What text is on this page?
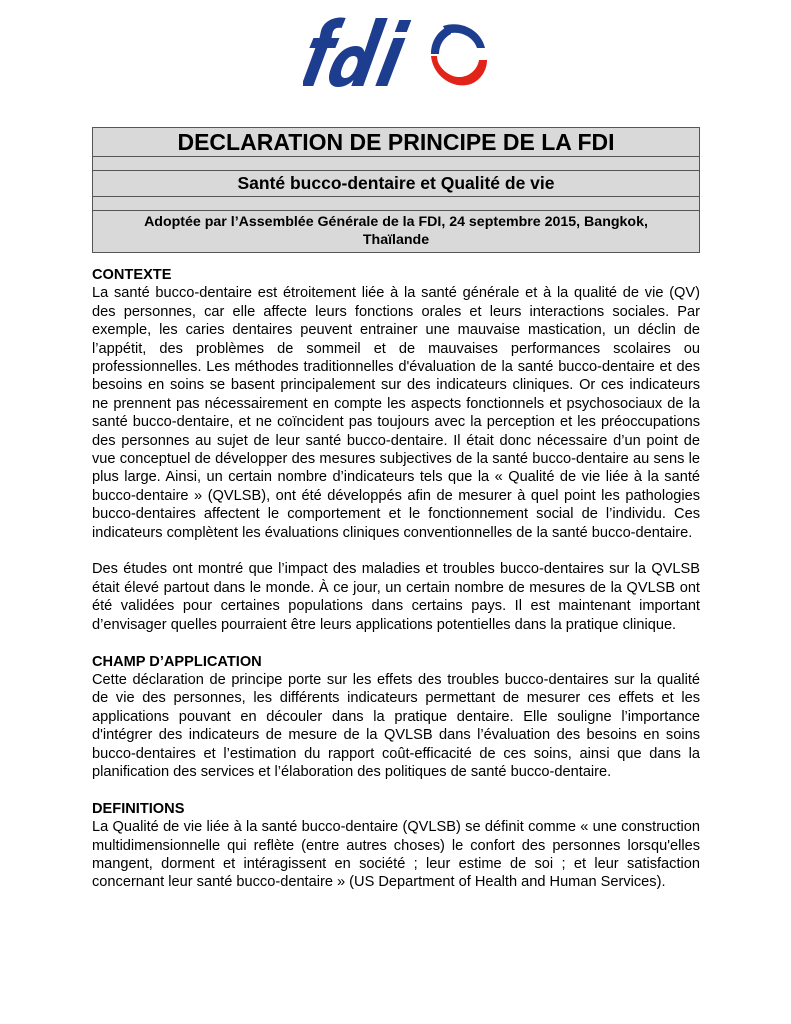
DECLARATION DE PRINCIPE DE LA FDI
Santé bucco-dentaire et Qualité de vie
Adoptée par l’Assemblée Générale de la FDI, 24 septembre 2015, Bangkok, Thaïlande
CONTEXTE

La santé bucco-dentaire est étroitement liée à la santé générale et à la qualité de vie (QV) des personnes, car elle affecte leurs fonctions orales et leurs interactions sociales. Par exemple, les caries dentaires peuvent entrainer une mauvaise mastication, un déclin de l’appétit, des problèmes de sommeil et de mauvaises performances scolaires ou professionnelles. Les méthodes traditionnelles d'évaluation de la santé bucco-dentaire et des besoins en soins se basent principalement sur des indicateurs cliniques. Or ces indicateurs ne prennent pas nécessairement en compte les aspects fonctionnels et psychosociaux de la santé bucco-dentaire, et ne coïncident pas toujours avec la perception et les préoccupations des personnes au sujet de leur santé bucco-dentaire. Il était donc nécessaire d’un point de vue conceptuel de développer des mesures subjectives de la santé bucco-dentaire au sens le plus large. Ainsi, un certain nombre d’indicateurs tels que la « Qualité de vie liée à la santé bucco-dentaire » (QVLSB), ont été développés afin de mesurer à quel point les pathologies bucco-dentaires affectent le comportement et le fonctionnement social de l’individu. Ces indicateurs complètent les évaluations cliniques conventionnelles de la santé bucco-dentaire.

Des études ont montré que l’impact des maladies et troubles bucco-dentaires sur la QVLSB était élevé partout dans le monde. À ce jour, un certain nombre de mesures de la QVLSB ont été validées pour certaines populations dans certains pays. Il est maintenant important d’envisager quelles pourraient être leurs applications potentielles dans la pratique clinique.

CHAMP D’APPLICATION

Cette déclaration de principe porte sur les effets des troubles bucco-dentaires sur la qualité de vie des personnes, les différents indicateurs permettant de mesurer ces effets et les applications pouvant en découler dans la pratique dentaire. Elle souligne l’importance d'intégrer des indicateurs de mesure de la QVLSB dans l’évaluation des besoins en soins bucco-dentaires et l’estimation du rapport coût-efficacité de ces soins, ainsi que dans la planification des services et l’élaboration des politiques de santé bucco-dentaire.

DEFINITIONS

La Qualité de vie liée à la santé bucco-dentaire (QVLSB) se définit comme « une construction multidimensionnelle qui reflète (entre autres choses) le confort des personnes lorsqu'elles mangent, dorment et intéragissent en société ; leur estime de soi ; et leur satisfaction concernant leur santé bucco-dentaire » (US Department of Health and Human Services).
